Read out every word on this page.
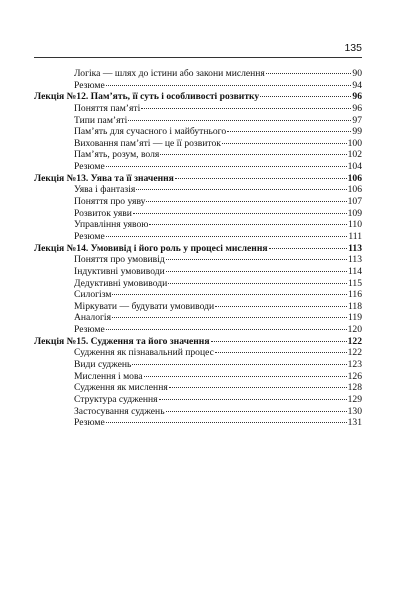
135
Логіка — шлях до істини або закони мислення	90
Резюме	94
Лекція №12. Пам’ять, її суть і особливості розвитку	96
Поняття пам’яті	96
Типи пам’яті	97
Пам’ять для сучасного і майбутнього	99
Виховання пам’яті — це її розвиток	100
Пам’ять, розум, воля	102
Резюме	104
Лекція №13. Уява та її значення	106
Уява і фантазія	106
Поняття про уяву	107
Розвиток уяви	109
Управління уявою	110
Резюме	111
Лекція №14. Умовивід і його роль у процесі мислення	113
Поняття про умовивід	113
Індуктивні умовиводи	114
Дедуктивні умовиводи	115
Силогізм	116
Міркувати — будувати умовиводи	118
Аналогія	119
Резюме	120
Лекція №15. Судження та його значення	122
Судження як пізнавальний процес	122
Види суджень	123
Мислення і мова	126
Судження як мислення	128
Структура судження	129
Застосування суджень	130
Резюме	131
